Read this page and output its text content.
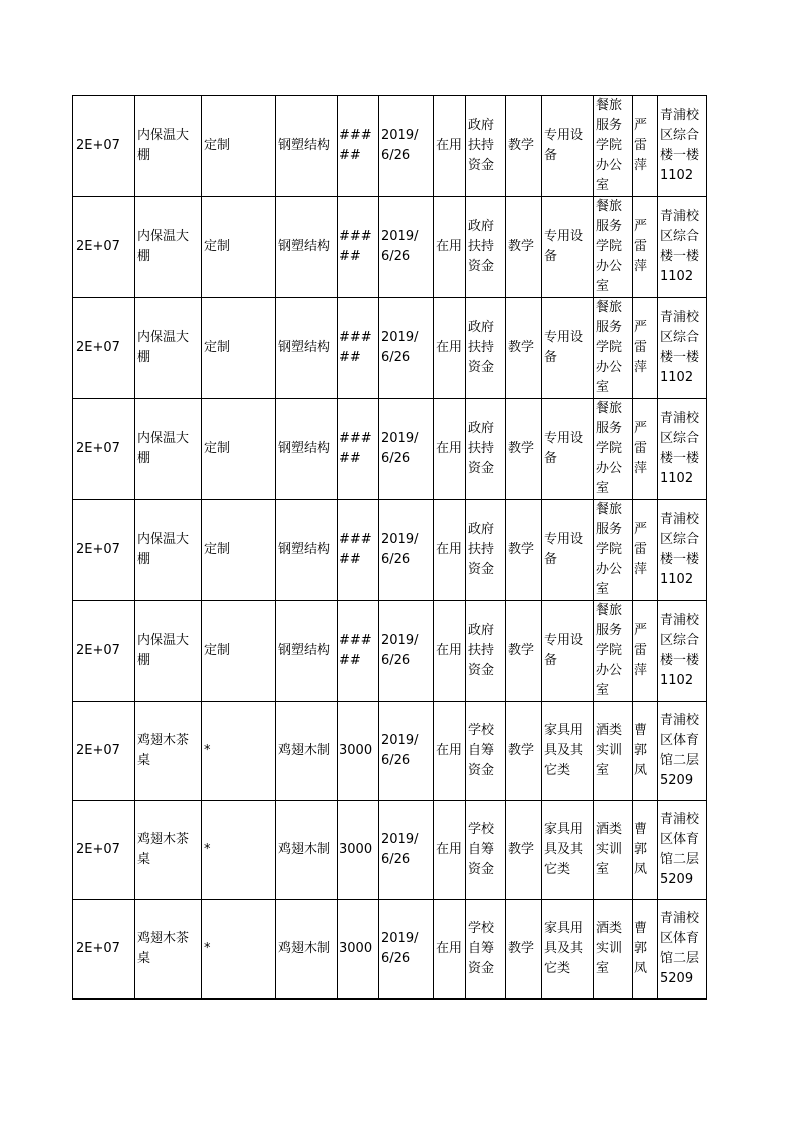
2E+07	内保温大棚	定制	钢塑结构	#####	2019/6/26	在用	政府扶持资金	教学	专用设备	餐旅服务学院办公室	严雷萍	青浦校区综合楼一楼1102
2E+07	内保温大棚	定制	钢塑结构	#####	2019/6/26	在用	政府扶持资金	教学	专用设备	餐旅服务学院办公室	严雷萍	青浦校区综合楼一楼1102
2E+07	内保温大棚	定制	钢塑结构	#####	2019/6/26	在用	政府扶持资金	教学	专用设备	餐旅服务学院办公室	严雷萍	青浦校区综合楼一楼1102
2E+07	内保温大棚	定制	钢塑结构	#####	2019/6/26	在用	政府扶持资金	教学	专用设备	餐旅服务学院办公室	严雷萍	青浦校区综合楼一楼1102
2E+07	内保温大棚	定制	钢塑结构	#####	2019/6/26	在用	政府扶持资金	教学	专用设备	餐旅服务学院办公室	严雷萍	青浦校区综合楼一楼1102
2E+07	内保温大棚	定制	钢塑结构	#####	2019/6/26	在用	政府扶持资金	教学	专用设备	餐旅服务学院办公室	严雷萍	青浦校区综合楼一楼1102
2E+07	鸡翅木茶桌	*	鸡翅木制	3000	2019/6/26	在用	学校自筹资金	教学	家具用具及其它类	酒类实训室	曹郭凤	青浦校区体育馆二层5209
2E+07	鸡翅木茶桌	*	鸡翅木制	3000	2019/6/26	在用	学校自筹资金	教学	家具用具及其它类	酒类实训室	曹郭凤	青浦校区体育馆二层5209
2E+07	鸡翅木茶桌	*	鸡翅木制	3000	2019/6/26	在用	学校自筹资金	教学	家具用具及其它类	酒类实训室	曹郭凤	青浦校区体育馆二层5209
